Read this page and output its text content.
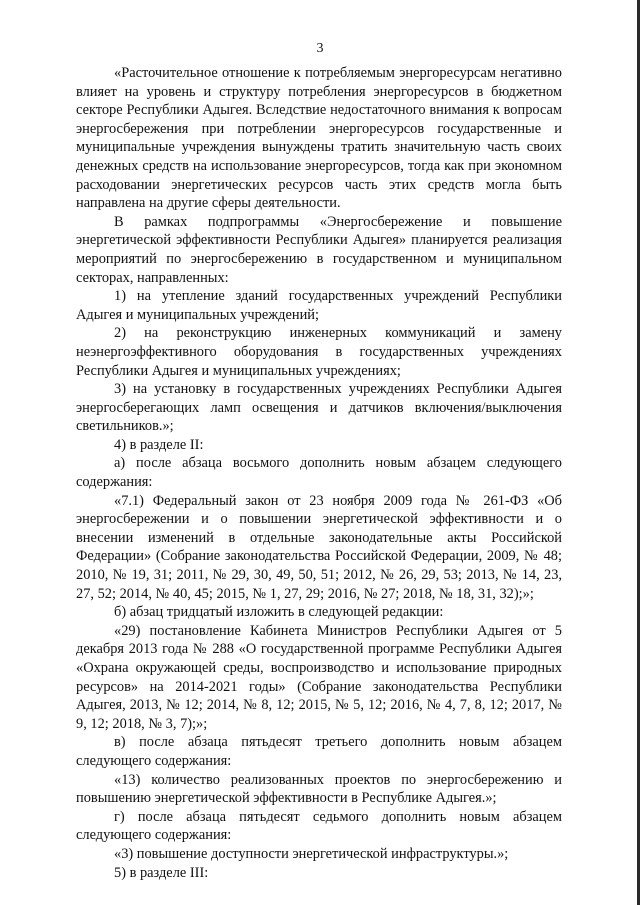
3

«Расточительное отношение к потребляемым энергоресурсам негативно влияет на уровень и структуру потребления энергоресурсов в бюджетном секторе Республики Адыгея. Вследствие недостаточного внимания к вопросам энергосбережения при потреблении энергоресурсов государственные и муниципальные учреждения вынуждены тратить значительную часть своих денежных средств на использование энергоресурсов, тогда как при экономном расходовании энергетических ресурсов часть этих средств могла быть направлена на другие сферы деятельности.

В рамках подпрограммы «Энергосбережение и повышение энергетической эффективности Республики Адыгея» планируется реализация мероприятий по энергосбережению в государственном и муниципальном секторах, направленных:

1) на утепление зданий государственных учреждений Республики Адыгея и муниципальных учреждений;

2) на реконструкцию инженерных коммуникаций и замену неэнергоэффективного оборудования в государственных учреждениях Республики Адыгея и муниципальных учреждениях;

3) на установку в государственных учреждениях Республики Адыгея энергосберегающих ламп освещения и датчиков включения/выключения светильников.»;

4) в разделе II:

а) после абзаца восьмого дополнить новым абзацем следующего содержания:

«7.1) Федеральный закон от 23 ноября 2009 года № 261-ФЗ «Об энергосбережении и о повышении энергетической эффективности и о внесении изменений в отдельные законодательные акты Российской Федерации» (Собрание законодательства Российской Федерации, 2009, № 48; 2010, № 19, 31; 2011, № 29, 30, 49, 50, 51; 2012, № 26, 29, 53; 2013, № 14, 23, 27, 52; 2014, № 40, 45; 2015, № 1, 27, 29; 2016, № 27; 2018, № 18, 31, 32);»;

б) абзац тридцатый изложить в следующей редакции:

«29) постановление Кабинета Министров Республики Адыгея от 5 декабря 2013 года № 288 «О государственной программе Республики Адыгея «Охрана окружающей среды, воспроизводство и использование природных ресурсов» на 2014-2021 годы» (Собрание законодательства Республики Адыгея, 2013, № 12; 2014, № 8, 12; 2015, № 5, 12; 2016, № 4, 7, 8, 12; 2017, № 9, 12; 2018, № 3, 7);»;

в) после абзаца пятьдесят третьего дополнить новым абзацем следующего содержания:

«13) количество реализованных проектов по энергосбережению и повышению энергетической эффективности в Республике Адыгея.»;

г) после абзаца пятьдесят седьмого дополнить новым абзацем следующего содержания:

«3) повышение доступности энергетической инфраструктуры.»;

5) в разделе III:
